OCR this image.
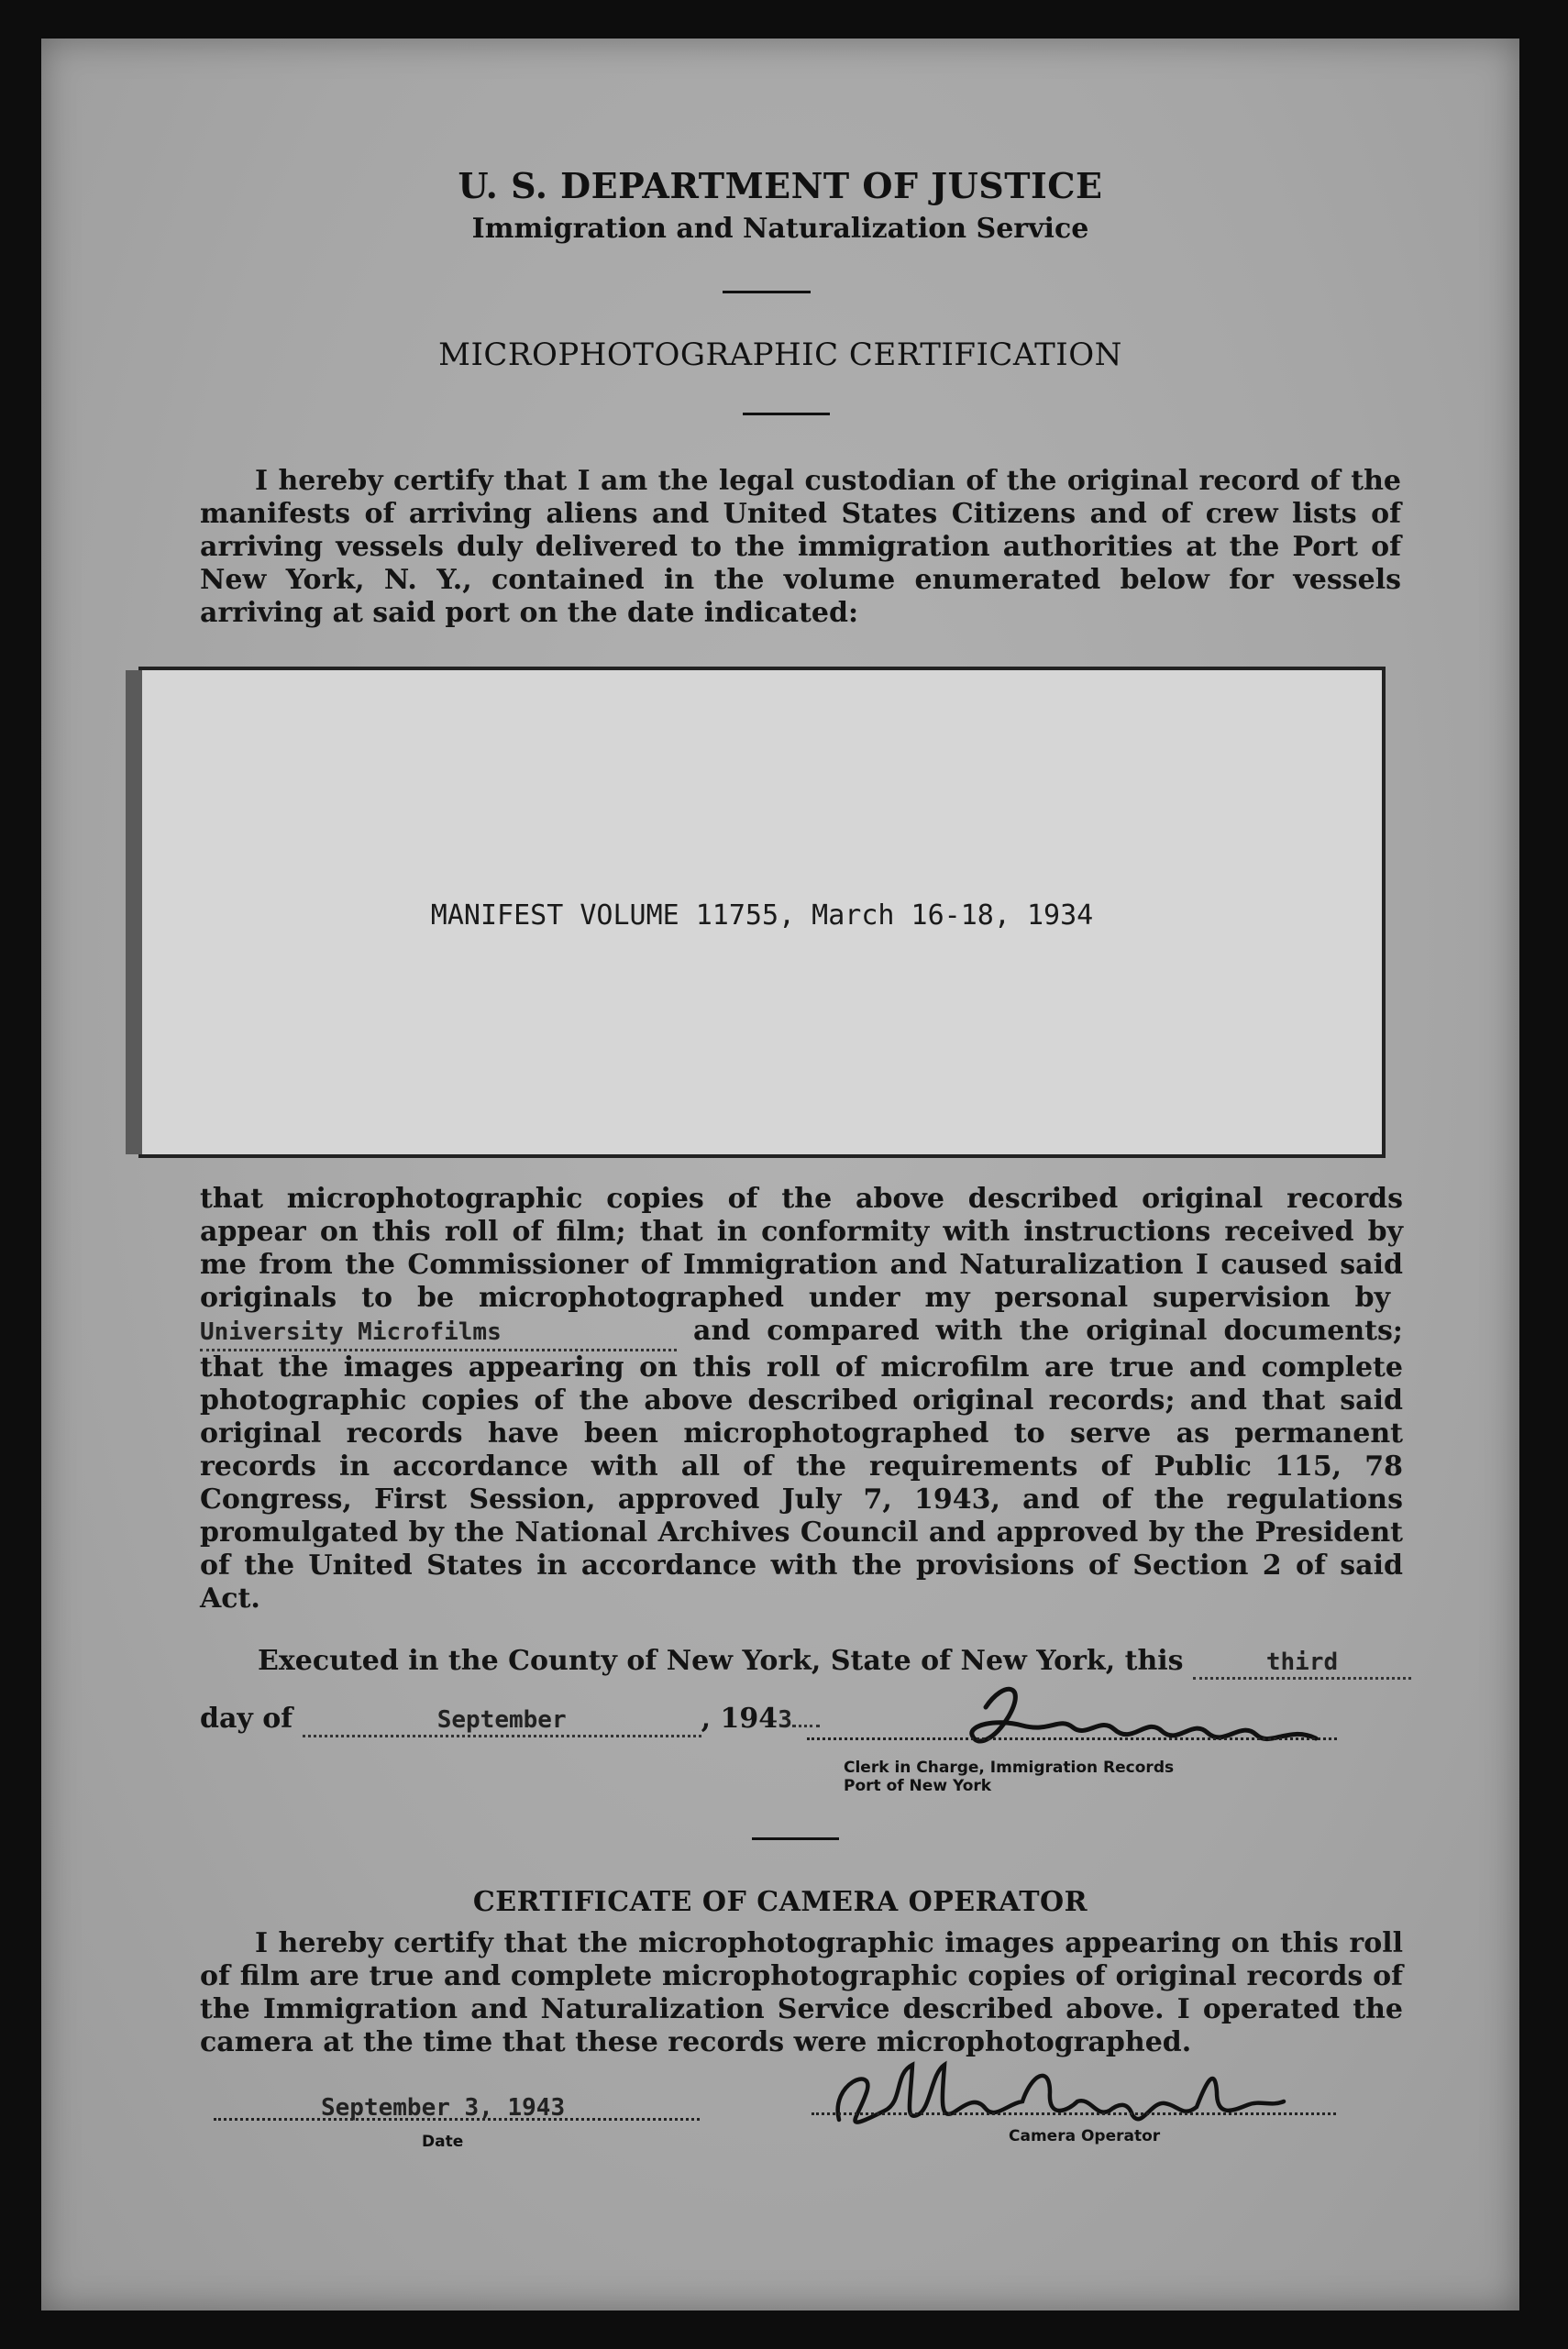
U. S. DEPARTMENT OF JUSTICE
Immigration and Naturalization Service
MICROPHOTOGRAPHIC CERTIFICATION
I hereby certify that I am the legal custodian of the original record of the manifests of arriving aliens and United States Citizens and of crew lists of arriving vessels duly delivered to the immigration authorities at the Port of New York, N. Y., contained in the volume enumerated below for vessels arriving at said port on the date indicated:
MANIFEST VOLUME 11755, March 16-18, 1934
that microphotographic copies of the above described original records appear on this roll of film; that in conformity with instructions received by me from the Commissioner of Immigration and Naturalization I caused said originals to be microphotographed under my personal supervision byUniversity Microfilms	and compared with the original documents; that the images appearing on this roll of microfilm are true and complete photographic copies of the above described original records; and that said original records have been microphotographed to serve as permanent records in accordance with all of the requirements of Public 115, 78 Congress, First Session, approved July 7, 1943, and of the regulations promulgated by the National Archives Council and approved by the President of the United States in accordance with the provisions of Section 2 of said Act.
Executed in the County of New York, State of New York, this	third
day of	September	, 1943
Clerk in Charge, Immigration Records
Port of New York
CERTIFICATE OF CAMERA OPERATOR
I hereby certify that the microphotographic images appearing on this roll of film are true and complete microphotographic copies of original records of the Immigration and Naturalization Service described above. I operated the camera at the time that these records were microphotographed.
September 3, 1943
Date	Camera Operator
